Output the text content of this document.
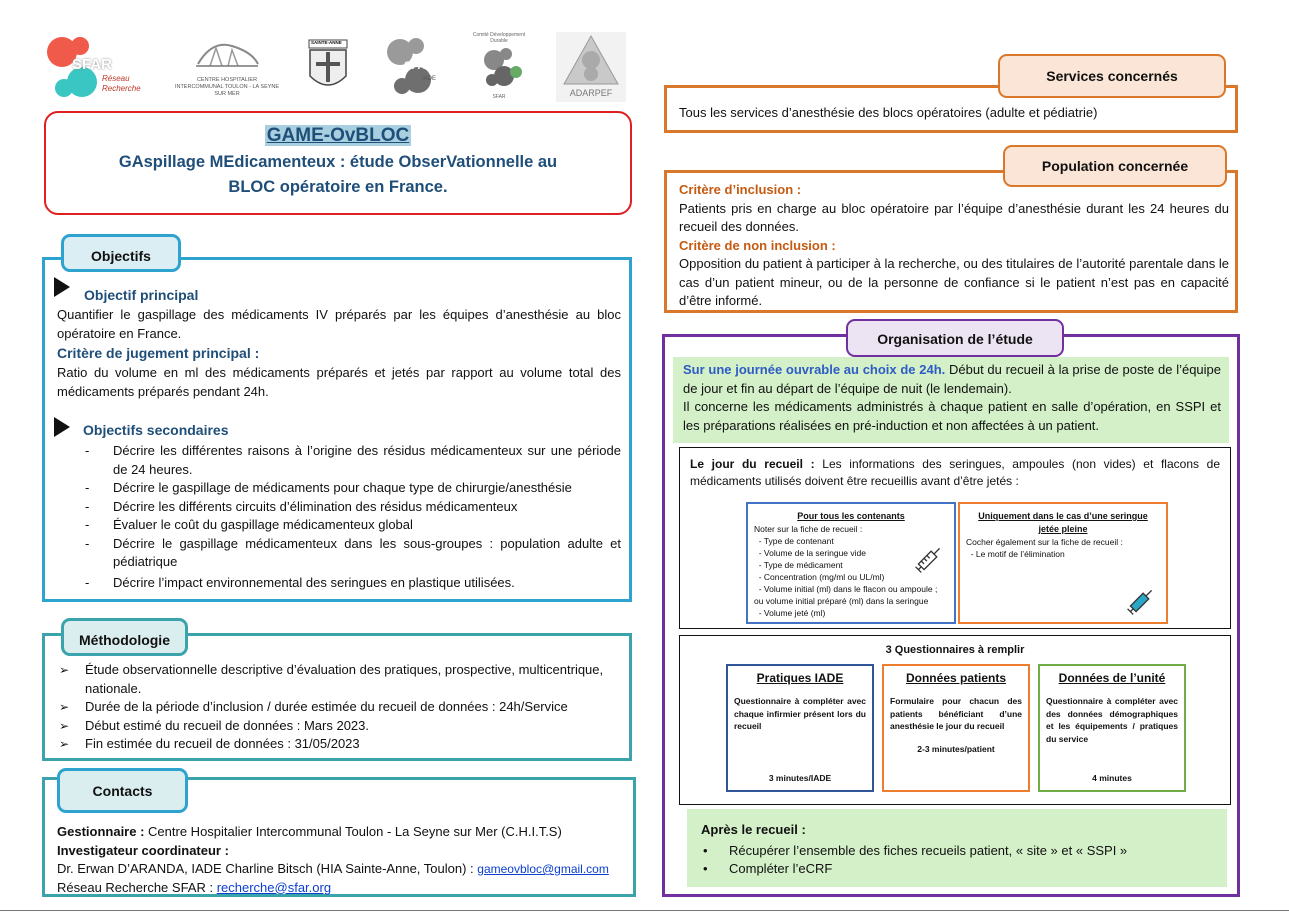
SFAR
Réseau Recherche
CENTRE HOSPITALIER INTERCOMMUNAL TOULON - LA SEYNE SUR MER
SAINTE-ANNE
SFAR
IADE
Comité Développement Durable
SFAR	ADARPEF
GAME-OvBLOC
GAspillage MEdicamenteux : étude ObserVationnelle au
BLOC opératoire en France.
Objectif principal
Quantifier le gaspillage des médicaments IV préparés par les équipes d’anesthésie au bloc opératoire en France.
Critère de jugement principal :
Ratio du volume en ml des médicaments préparés et jetés par rapport au volume total des médicaments préparés pendant 24h.
Objectifs secondaires
- Décrire les différentes raisons à l’origine des résidus médicamenteux sur une période de 24 heures.
- Décrire le gaspillage de médicaments pour chaque type de chirurgie/anesthésie
- Décrire les différents circuits d’élimination des résidus médicamenteux
- Évaluer le coût du gaspillage médicamenteux global
- Décrire le gaspillage médicamenteux dans les sous-groupes : population adulte et pédiatrique
- Décrire l’impact environnemental des seringues en plastique utilisées.
Objectifs
➢ Étude observationnelle descriptive d’évaluation des pratiques, prospective, multicentrique, nationale.
➢ Durée de la période d’inclusion / durée estimée du recueil de données : 24h/Service
➢ Début estimé du recueil de données : Mars 2023.
➢ Fin estimée du recueil de données : 31/05/2023
Méthodologie
Gestionnaire : Centre Hospitalier Intercommunal Toulon - La Seyne sur Mer (C.H.I.T.S)
Investigateur coordinateur :
Dr. Erwan D’ARANDA, IADE Charline Bitsch (HIA Sainte-Anne, Toulon) : gameovbloc@gmail.com
Réseau Recherche SFAR : recherche@sfar.org
Contacts
Tous les services d’anesthésie des blocs opératoires (adulte et pédiatrie)
Services concernés
Critère d’inclusion :
Patients pris en charge au bloc opératoire par l’équipe d’anesthésie durant les 24 heures du recueil des données.
Critère de non inclusion :
Opposition du patient à participer à la recherche, ou des titulaires de l’autorité parentale dans le cas d’un patient mineur, ou de la personne de confiance si le patient n’est pas en capacité d’être informé.
Population concernée
Sur une journée ouvrable au choix de 24h. Début du recueil à la prise de poste de l’équipe de jour et fin au départ de l’équipe de nuit (le lendemain).
Il concerne les médicaments administrés à chaque patient en salle d’opération, en SSPI et les préparations réalisées en pré-induction et non affectées à un patient.
Le jour du recueil : Les informations des seringues, ampoules (non vides) et flacons de médicaments utilisés doivent être recueillis avant d’être jetés :
Pour tous les contenants
Noter sur la fiche de recueil :
- Type de contenant
- Volume de la seringue vide
- Type de médicament
- Concentration (mg/ml ou UL/ml)
- Volume initial (ml) dans le flacon ou ampoule ; ou volume initial préparé (ml) dans la seringue
- Volume jeté (ml)
Uniquement dans le cas d’une seringue jetée pleine
Cocher également sur la fiche de recueil :
- Le motif de l’élimination
3 Questionnaires à remplir
Pratiques IADE
Questionnaire à compléter avec chaque infirmier présent lors du recueil
3 minutes/IADE
Données patients
Formulaire pour chacun des patients bénéficiant d’une anesthésie le jour du recueil
2-3 minutes/patient
Données de l’unité
Questionnaire à compléter avec des données démographiques et les équipements / pratiques du service
4 minutes
Après le recueil :
• Récupérer l’ensemble des fiches recueils patient, « site » et « SSPI »
• Compléter l’eCRF
Organisation de l’étude
